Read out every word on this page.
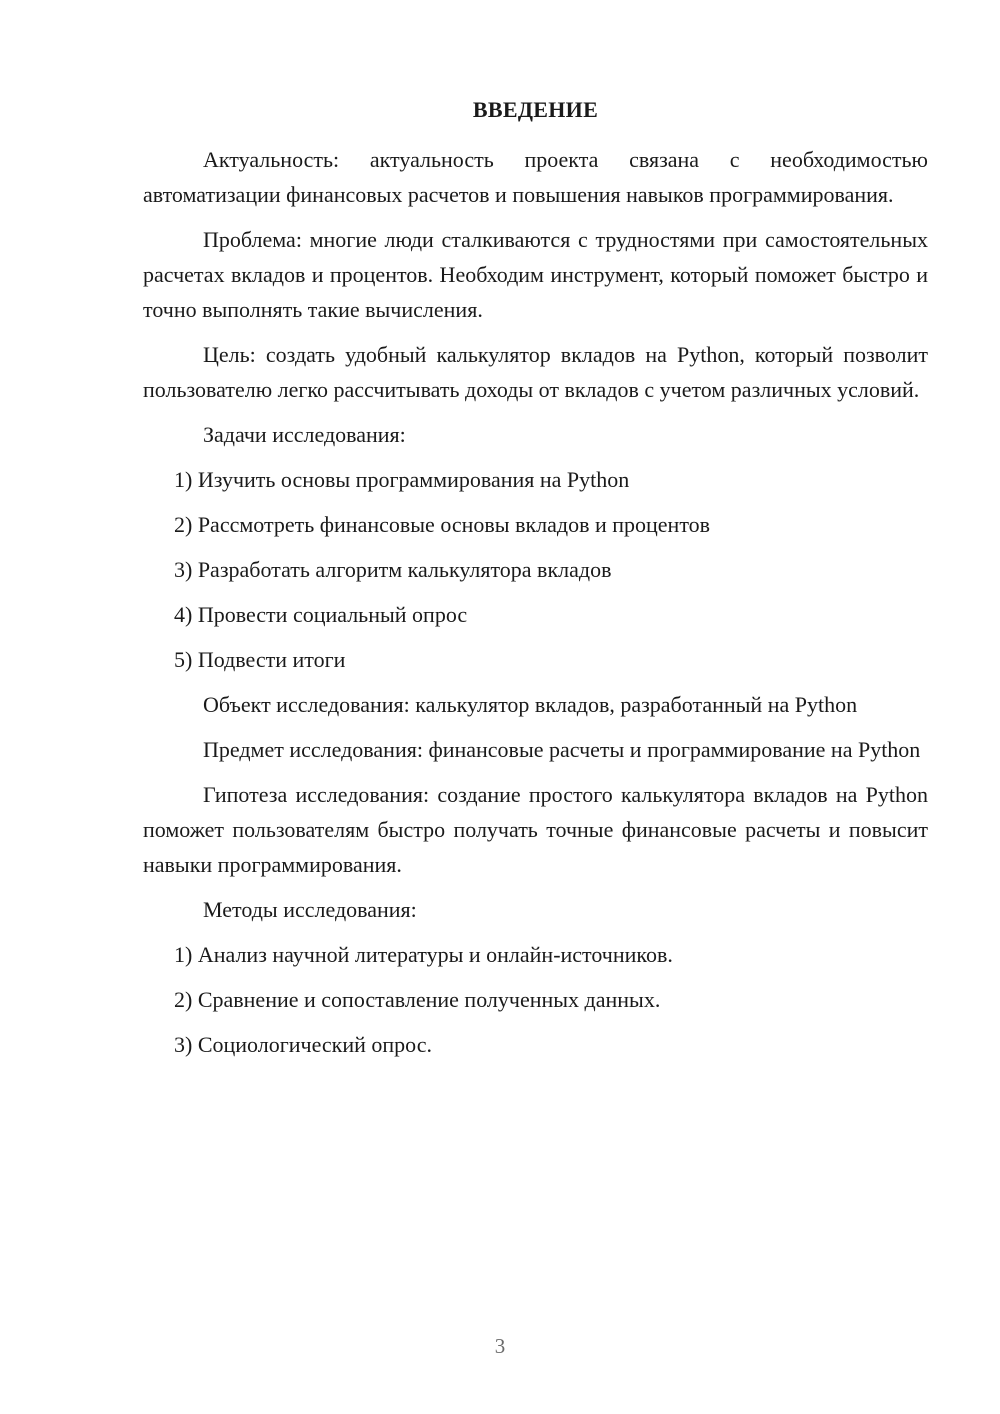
ВВЕДЕНИЕ

Актуальность: актуальность проекта связана с необходимостью автоматизации финансовых расчетов и повышения навыков программирования.

Проблема: многие люди сталкиваются с трудностями при самостоятельных расчетах вкладов и процентов. Необходим инструмент, который поможет быстро и точно выполнять такие вычисления.

Цель: создать удобный калькулятор вкладов на Python, который позволит пользователю легко рассчитывать доходы от вкладов с учетом различных условий.

Задачи исследования:

1) Изучить основы программирования на Python

2) Рассмотреть финансовые основы вкладов и процентов

3) Разработать алгоритм калькулятора вкладов

4) Провести социальный опрос

5) Подвести итоги

Объект исследования: калькулятор вкладов, разработанный на Python

Предмет исследования: финансовые расчеты и программирование на Python

Гипотеза исследования: создание простого калькулятора вкладов на Python поможет пользователям быстро получать точные финансовые расчеты и повысит навыки программирования.

Методы исследования:

1) Анализ научной литературы и онлайн-источников.

2) Сравнение и сопоставление полученных данных.

3) Социологический опрос.

3
